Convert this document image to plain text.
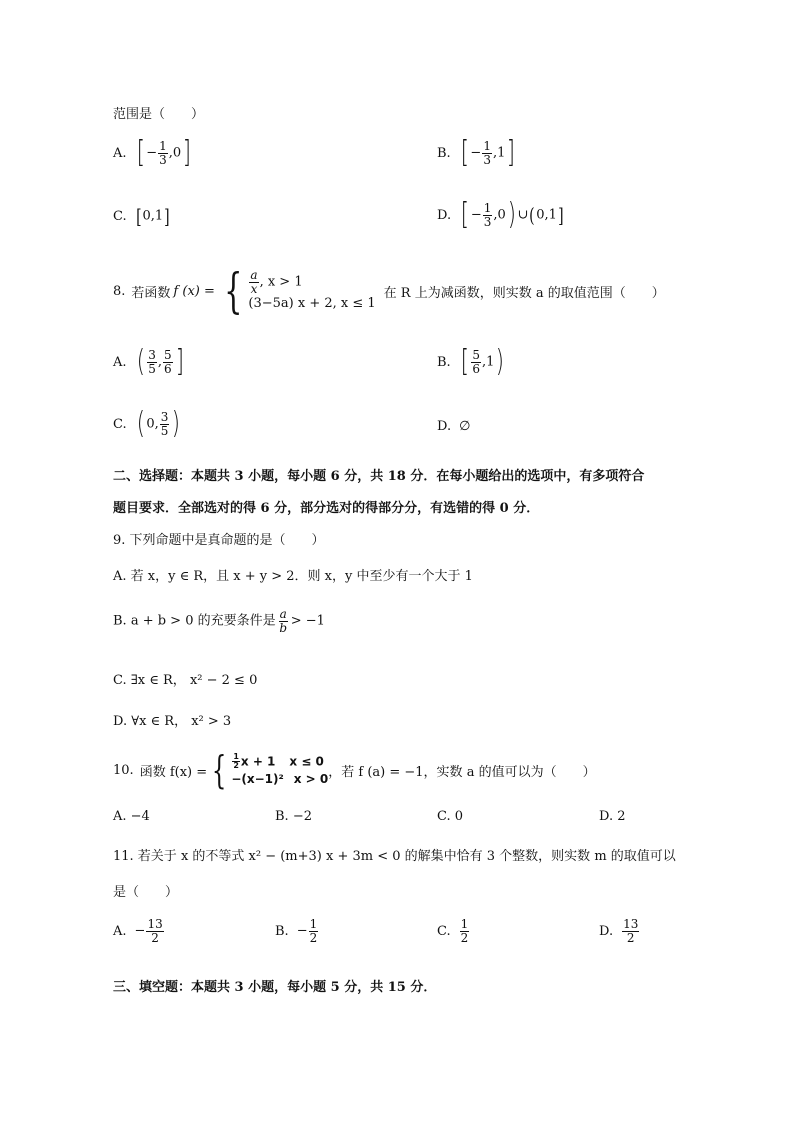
范围是（　　）
A. [ − $\frac{1}{3} ,0$]	B. [ − $\frac{1}{3} ,1$]
C. [0,1]	D. [ − $\frac{1}{3} ,0$) ∪(0,1]
8. 若函数 f (x) = { $\frac{a}{x}$ , x > 1
(3−5a) x + 2, x ≤ 1
在 R 上为减函数，则实数 a 的取值范围（　　）
A. ( $\frac{3}{5}$ , $\frac{5}{6}$ ]	B. [ $\frac{5}{6} ,1$)
C. ( 0, $\frac{3}{5}$ )	D. ∅
二、选择题：本题共 3 小题，每小题 6 分，共 18 分．在每小题给出的选项中，有多项符合
题目要求．全部选对的得 6 分，部分选对的得部分分，有选错的得 0 分．
9. 下列命题中是真命题的是（　　）
A. 若 x，y ∈ R，且 x + y > 2．则 x，y 中至少有一个大于 1
B. a + b > 0 的充要条件是 $\frac{a}{b} > -1$
C. ∃x ∈ R， x² − 2 ≤ 0
D. ∀x ∈ R， x² > 3
10. 函数 f(x) = { $\frac{1}{2}$ x + 1 x ≤ 0
−(x−1)² x > 0 ，若 f (a) = −1，实数 a 的值可以为（　　）
A. −4	B. −2	C. 0	D. 2
11. 若关于 x 的不等式 x² − (m+3) x + 3m < 0 的解集中恰有 3 个整数，则实数 m 的取值可以
是（　　）
A. − $\frac{13}{2}$	B. − $\frac{1}{2}$	C. $\frac{1}{2}$	D. $\frac{13}{2}$
三、填空题：本题共 3 小题，每小题 5 分，共 15 分．
